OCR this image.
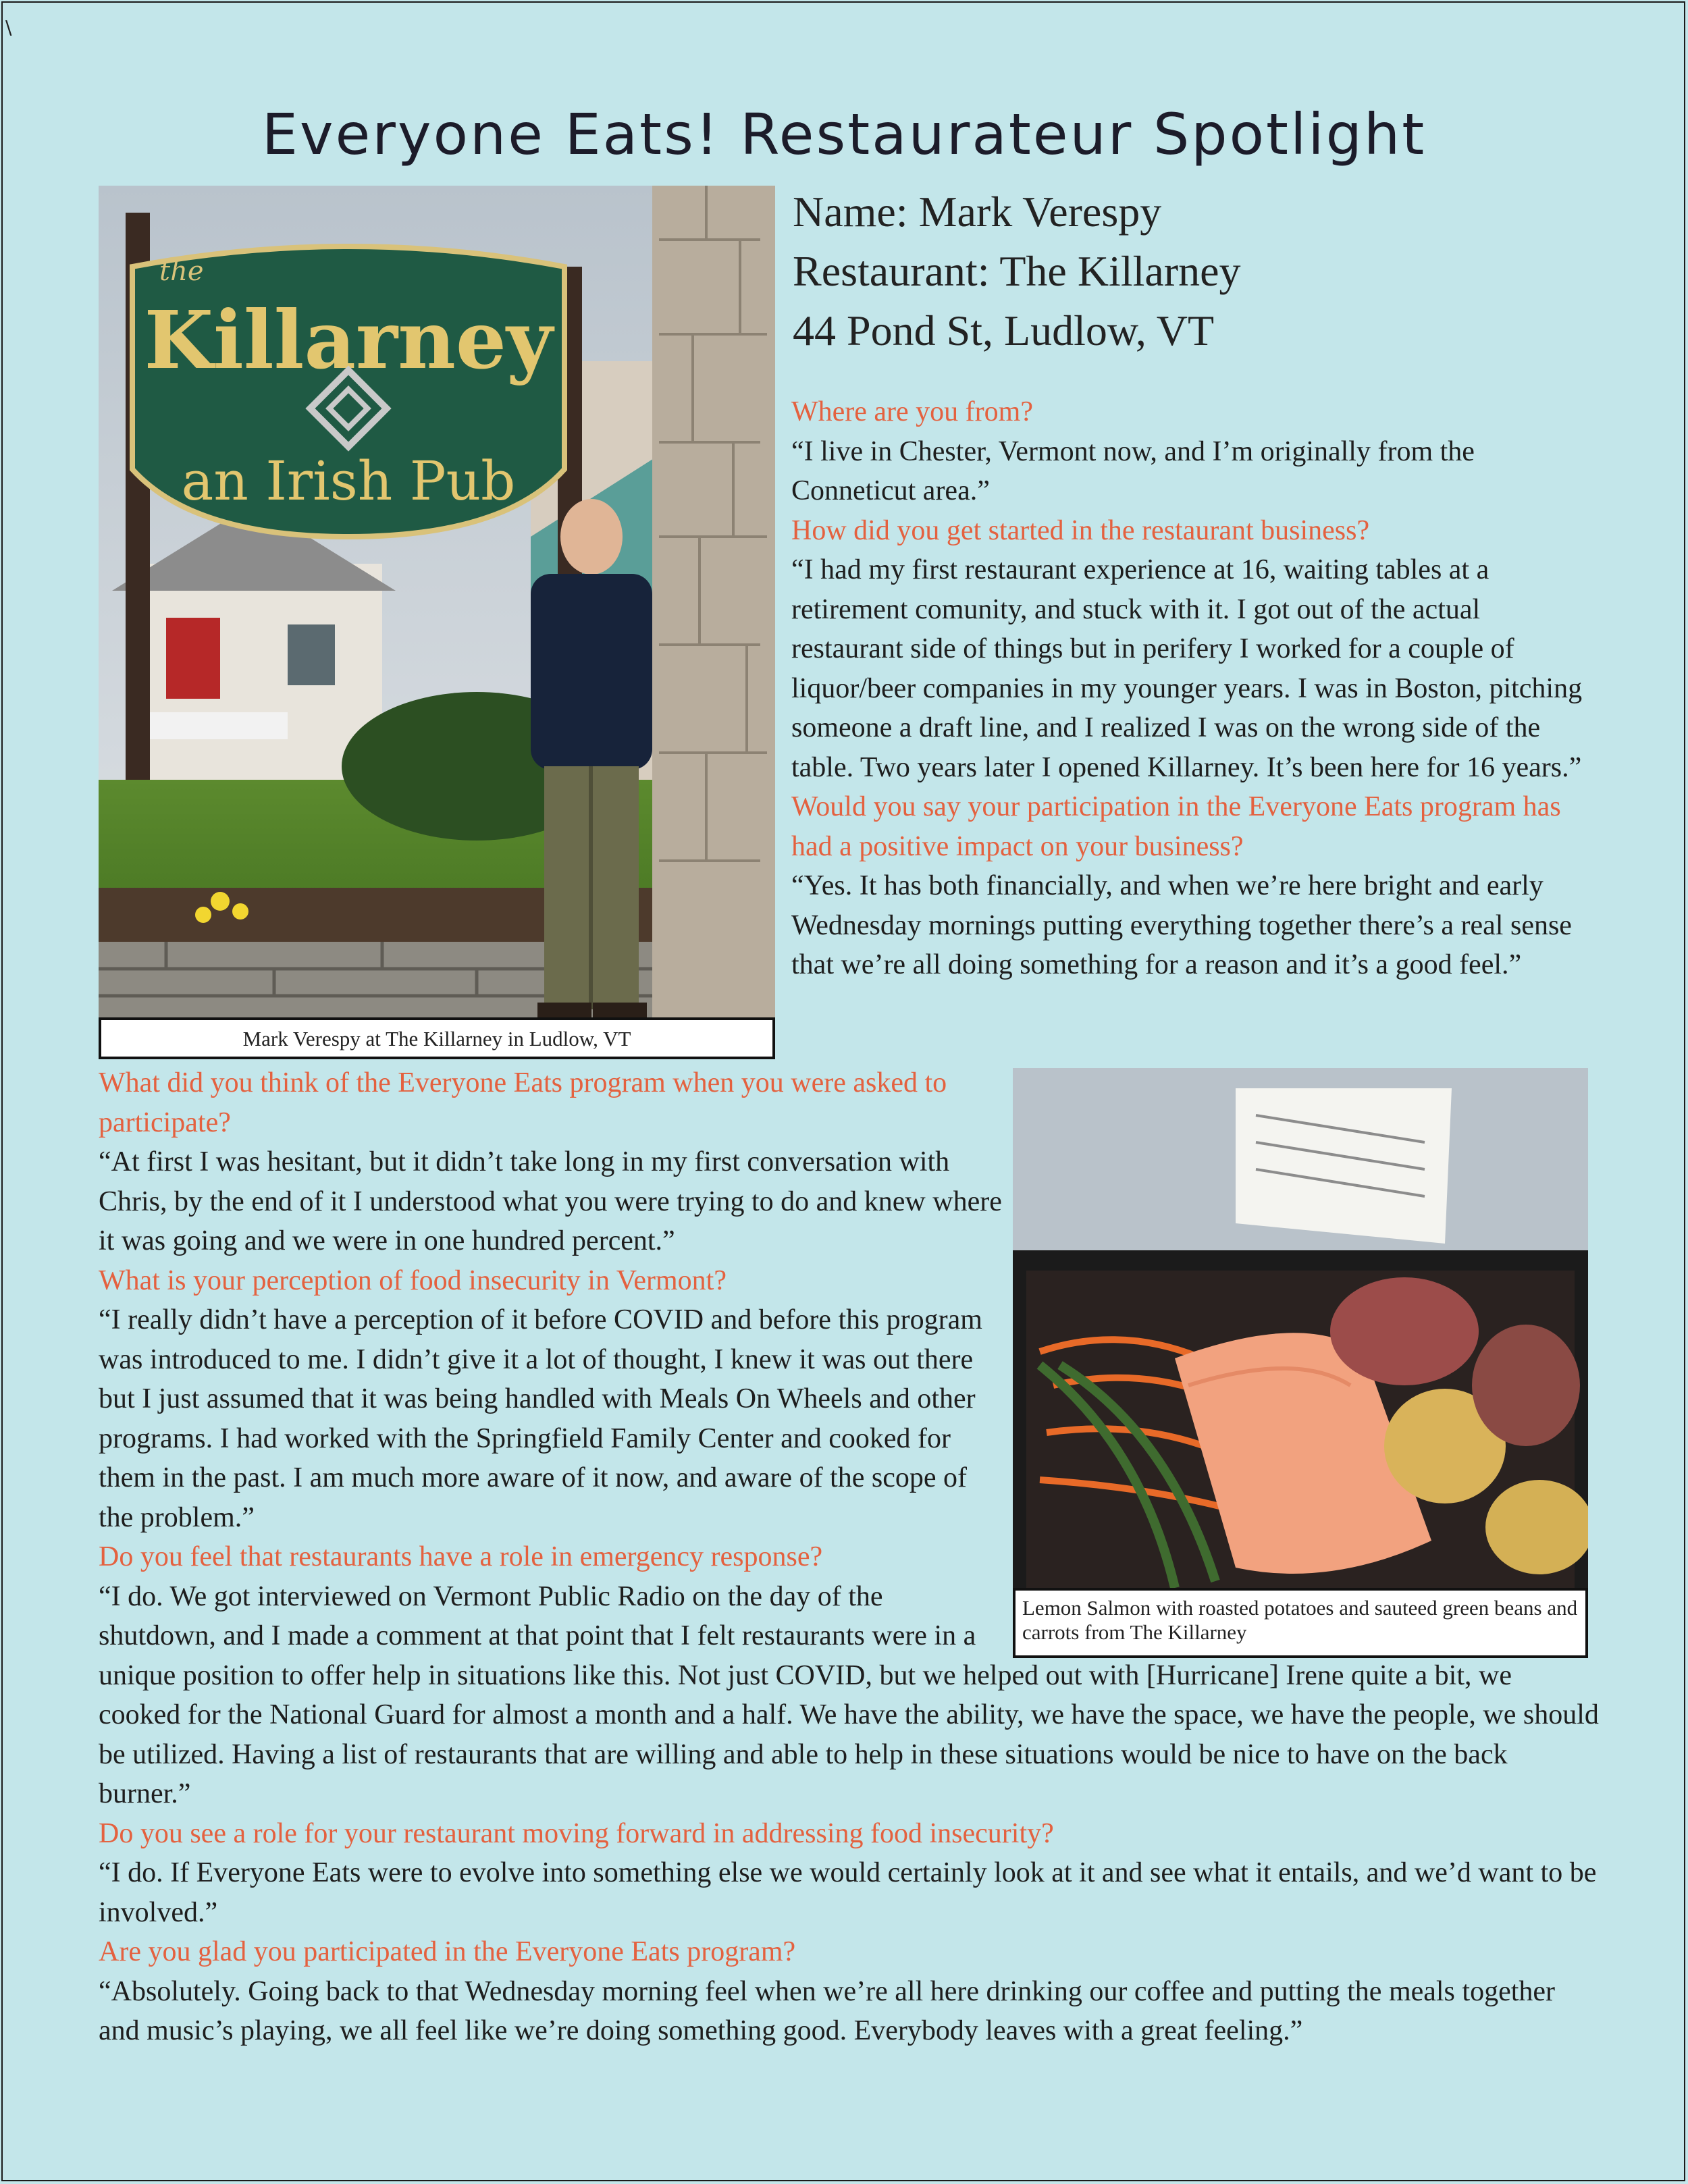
\
Everyone Eats! Restaurateur Spotlight
the
Killarney
an Irish Pub
Mark Verespy at The Killarney in Ludlow, VT
Name: Mark Verespy
Restaurant: The Killarney
44 Pond St, Ludlow, VT

Where are you from?

“I live in Chester, Vermont now, and I’m originally from the Conneticut area.”

How did you get started in the restaurant business?

“I had my first restaurant experience at 16, waiting tables at a retirement comunity, and stuck with it. I got out of the actual restaurant side of things but in perifery I worked for a couple of liquor/beer companies in my younger years. I was in Boston, pitching someone a draft line, and I realized I was on the wrong side of the table. Two years later I opened Killarney. It’s been here for 16 years.”

Would you say your participation in the Everyone Eats program has had a positive impact on your business?

“Yes. It has both financially, and when we’re here bright and early Wednesday mornings putting everything together there’s a real sense that we’re all doing something for a reason and it’s a good feel.”

Lemon Salmon with roasted potatoes and sauteed green beans and carrots from The Killarney

What did you think of the Everyone Eats program when you were asked to participate?

“At first I was hesitant, but it didn’t take long in my first conversation with Chris, by the end of it I understood what you were trying to do and knew where it was going and we were in one hundred percent.”

What is your perception of food insecurity in Vermont?

“I really didn’t have a perception of it before COVID and before this program was introduced to me. I didn’t give it a lot of thought, I knew it was out there but I just assumed that it was being handled with Meals On Wheels and other programs. I had worked with the Springfield Family Center and cooked for them in the past. I am much more aware of it now, and aware of the scope of the problem.”

Do you feel that restaurants have a role in emergency response?

“I do. We got interviewed on Vermont Public Radio on the day of the shutdown, and I made a comment at that point that I felt restaurants were in a unique position to offer help in situations like this. Not just COVID, but we helped out with [Hurricane] Irene quite a bit, we cooked for the National Guard for almost a month and a half. We have the ability, we have the space, we have the people, we should be utilized. Having a list of restaurants that are willing and able to help in these situations would be nice to have on the back burner.”

Do you see a role for your restaurant moving forward in addressing food insecurity?

“I do. If Everyone Eats were to evolve into something else we would certainly look at it and see what it entails, and we’d want to be involved.”

Are you glad you participated in the Everyone Eats program?

“Absolutely. Going back to that Wednesday morning feel when we’re all here drinking our coffee and putting the meals together and music’s playing, we all feel like we’re doing something good. Everybody leaves with a great feeling.”
